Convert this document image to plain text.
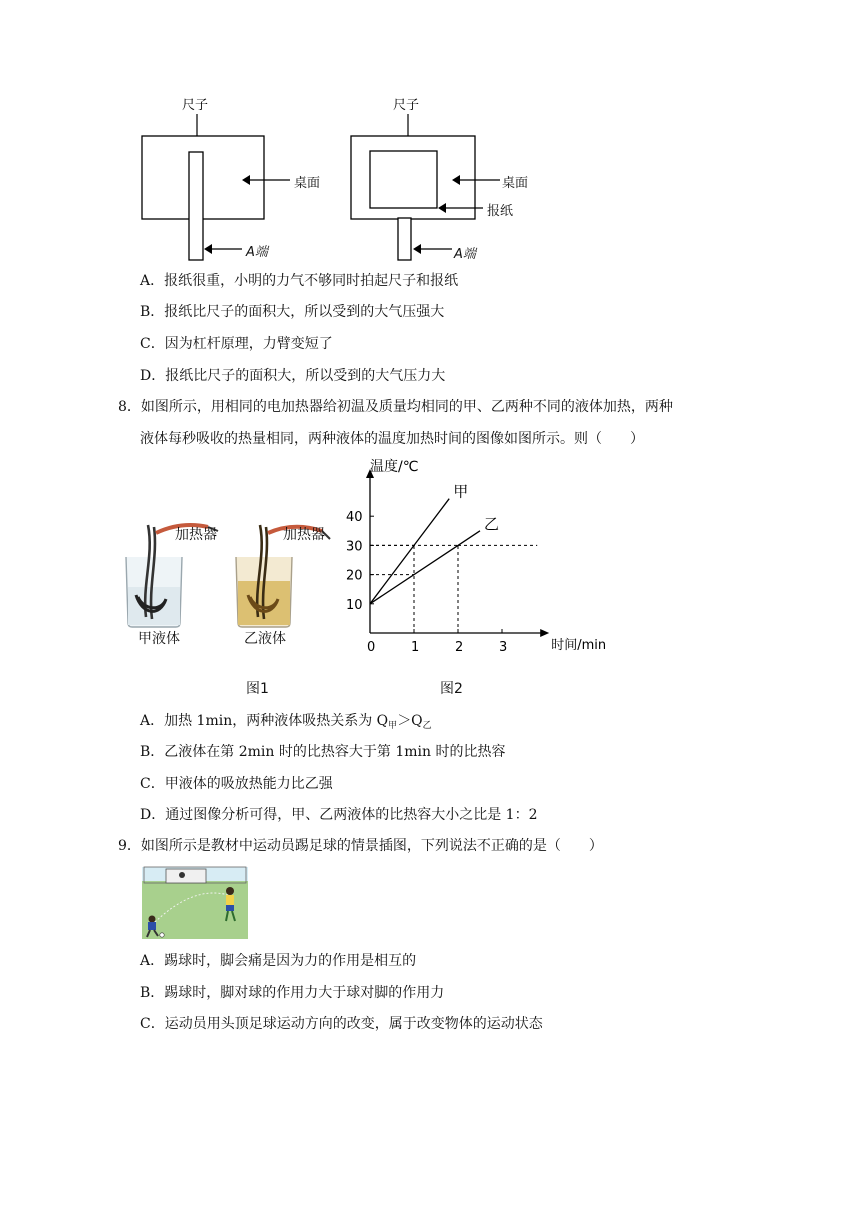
尺子
桌面
A端
尺子
桌面
报纸
A端
A．报纸很重，小明的力气不够同时拍起尺子和报纸
B．报纸比尺子的面积大，所以受到的大气压强大
C．因为杠杆原理，力臂变短了
D．报纸比尺子的面积大，所以受到的大气压力大
8．如图所示，用相同的电加热器给初温及质量均相同的甲、乙两种不同的液体加热，两种
液体每秒吸收的热量相同，两种液体的温度加热时间的图像如图所示。则（　　）
加热器	加热器
甲液体	乙液体
图1
温度/℃
时间/min
0	1	2	3
10
20
30
40
甲
乙
图2
A．加热 1min，两种液体吸热关系为 $Q_甲>Q_乙$
B．乙液体在第 2min 时的比热容大于第 1min 时的比热容
C．甲液体的吸放热能力比乙强
D．通过图像分析可得，甲、乙两液体的比热容大小之比是 1：2
9．如图所示是教材中运动员踢足球的情景插图，下列说法不正确的是（　　）
A．踢球时，脚会痛是因为力的作用是相互的
B．踢球时，脚对球的作用力大于球对脚的作用力
C．运动员用头顶足球运动方向的改变，属于改变物体的运动状态
